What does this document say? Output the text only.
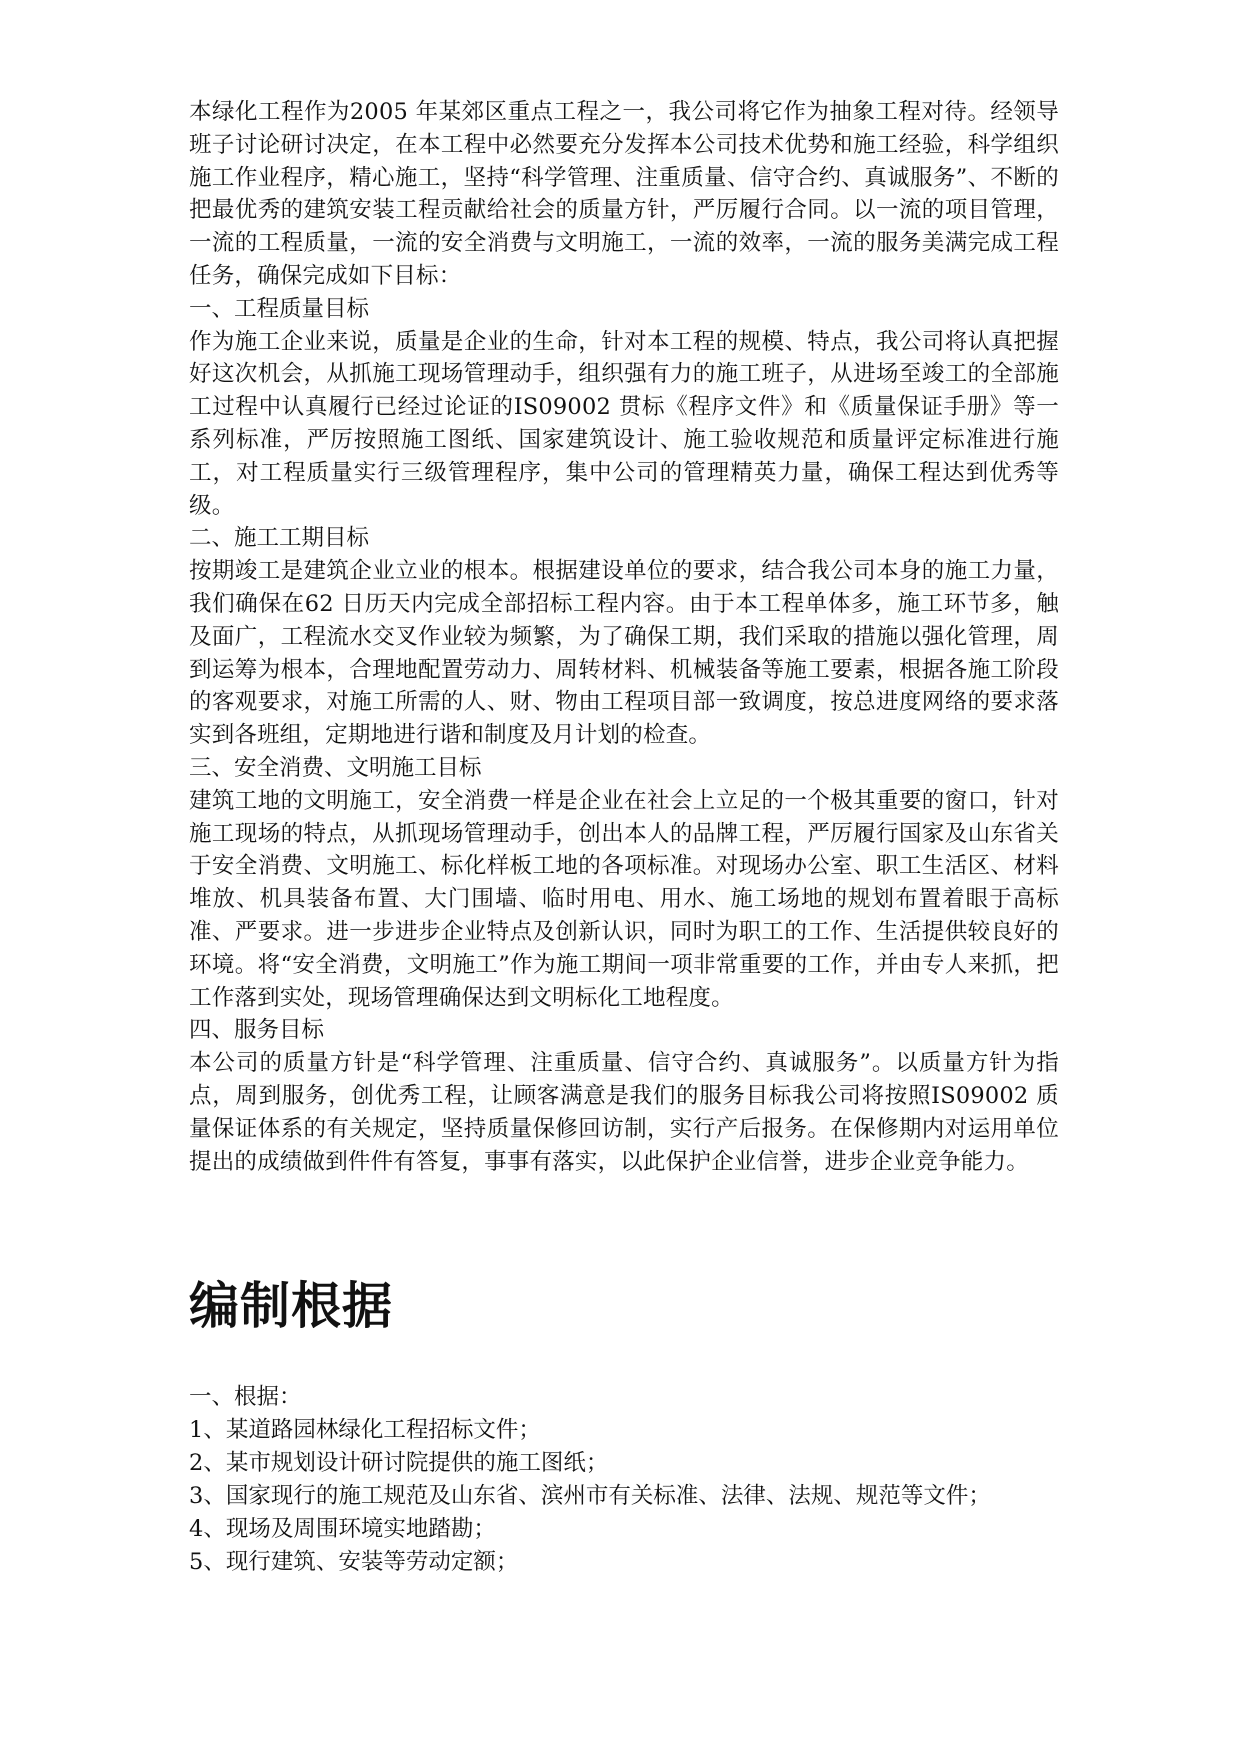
本绿化工程作为2005 年某郊区重点工程之一，我公司将它作为抽象工程对待。经领导班子讨论研讨决定，在本工程中必然要充分发挥本公司技术优势和施工经验，科学组织施工作业程序，精心施工，坚持“科学管理、注重质量、信守合约、真诚服务”、不断的把最优秀的建筑安装工程贡献给社会的质量方针，严厉履行合同。以一流的项目管理，一流的工程质量，一流的安全消费与文明施工，一流的效率，一流的服务美满完成工程任务，确保完成如下目标：

一、工程质量目标

作为施工企业来说，质量是企业的生命，针对本工程的规模、特点，我公司将认真把握好这次机会，从抓施工现场管理动手，组织强有力的施工班子，从进场至竣工的全部施工过程中认真履行已经过论证的IS09002 贯标《程序文件》和《质量保证手册》等一系列标准，严厉按照施工图纸、国家建筑设计、施工验收规范和质量评定标准进行施工，对工程质量实行三级管理程序，集中公司的管理精英力量，确保工程达到优秀等级。

二、施工工期目标

按期竣工是建筑企业立业的根本。根据建设单位的要求，结合我公司本身的施工力量，我们确保在62 日历天内完成全部招标工程内容。由于本工程单体多，施工环节多，触及面广，工程流水交叉作业较为频繁，为了确保工期，我们采取的措施以强化管理，周到运筹为根本，合理地配置劳动力、周转材料、机械装备等施工要素，根据各施工阶段的客观要求，对施工所需的人、财、物由工程项目部一致调度，按总进度网络的要求落实到各班组，定期地进行谐和制度及月计划的检查。

三、安全消费、文明施工目标

建筑工地的文明施工，安全消费一样是企业在社会上立足的一个极其重要的窗口，针对施工现场的特点，从抓现场管理动手，创出本人的品牌工程，严厉履行国家及山东省关于安全消费、文明施工、标化样板工地的各项标准。对现场办公室、职工生活区、材料堆放、机具装备布置、大门围墙、临时用电、用水、施工场地的规划布置着眼于高标准、严要求。进一步进步企业特点及创新认识，同时为职工的工作、生活提供较良好的环境。将“安全消费，文明施工”作为施工期间一项非常重要的工作，并由专人来抓，把工作落到实处，现场管理确保达到文明标化工地程度。

四、服务目标

本公司的质量方针是“科学管理、注重质量、信守合约、真诚服务”。以质量方针为指点，周到服务，创优秀工程，让顾客满意是我们的服务目标我公司将按照IS09002 质量保证体系的有关规定，坚持质量保修回访制，实行产后报务。在保修期内对运用单位提出的成绩做到件件有答复，事事有落实，以此保护企业信誉，进步企业竞争能力。

编制根据

一、根据：

1、某道路园林绿化工程招标文件；

2、某市规划设计研讨院提供的施工图纸；

3、国家现行的施工规范及山东省、滨州市有关标准、法律、法规、规范等文件；

4、现场及周围环境实地踏勘；

5、现行建筑、安装等劳动定额；
